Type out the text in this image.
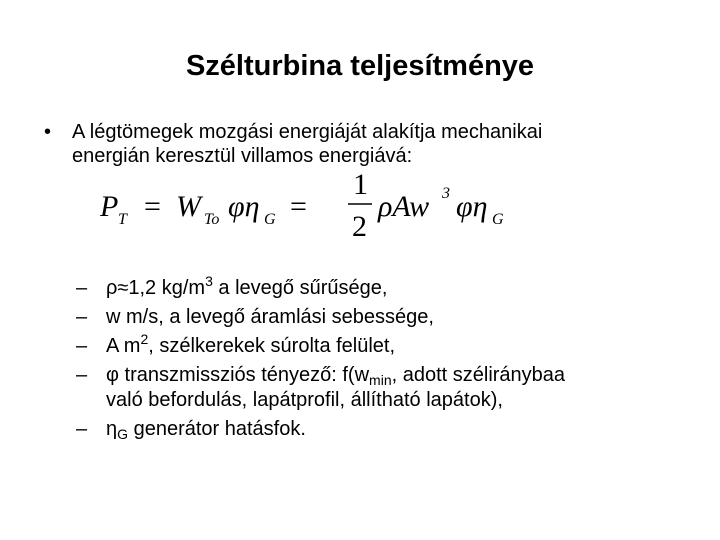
Szélturbina teljesítménye
• A légtömegek mozgási energiáját alakítja mechanikai
energián keresztül villamos energiává:
P T = W To φη G =
1
2
ρAw 3 φη G
– ρ≈1,2 $kg/m^3$ a levegő sűrűsége,
– w m/s, a levegő áramlási sebessége,
– A $m^2$, szélkerekek súrolta felület,
– φ transzmissziós tényező: $f(w_{min}$, adott széliránybaa
való befordulás, lapátprofil, állítható lapátok),
– $\eta_G$ generátor hatásfok.
